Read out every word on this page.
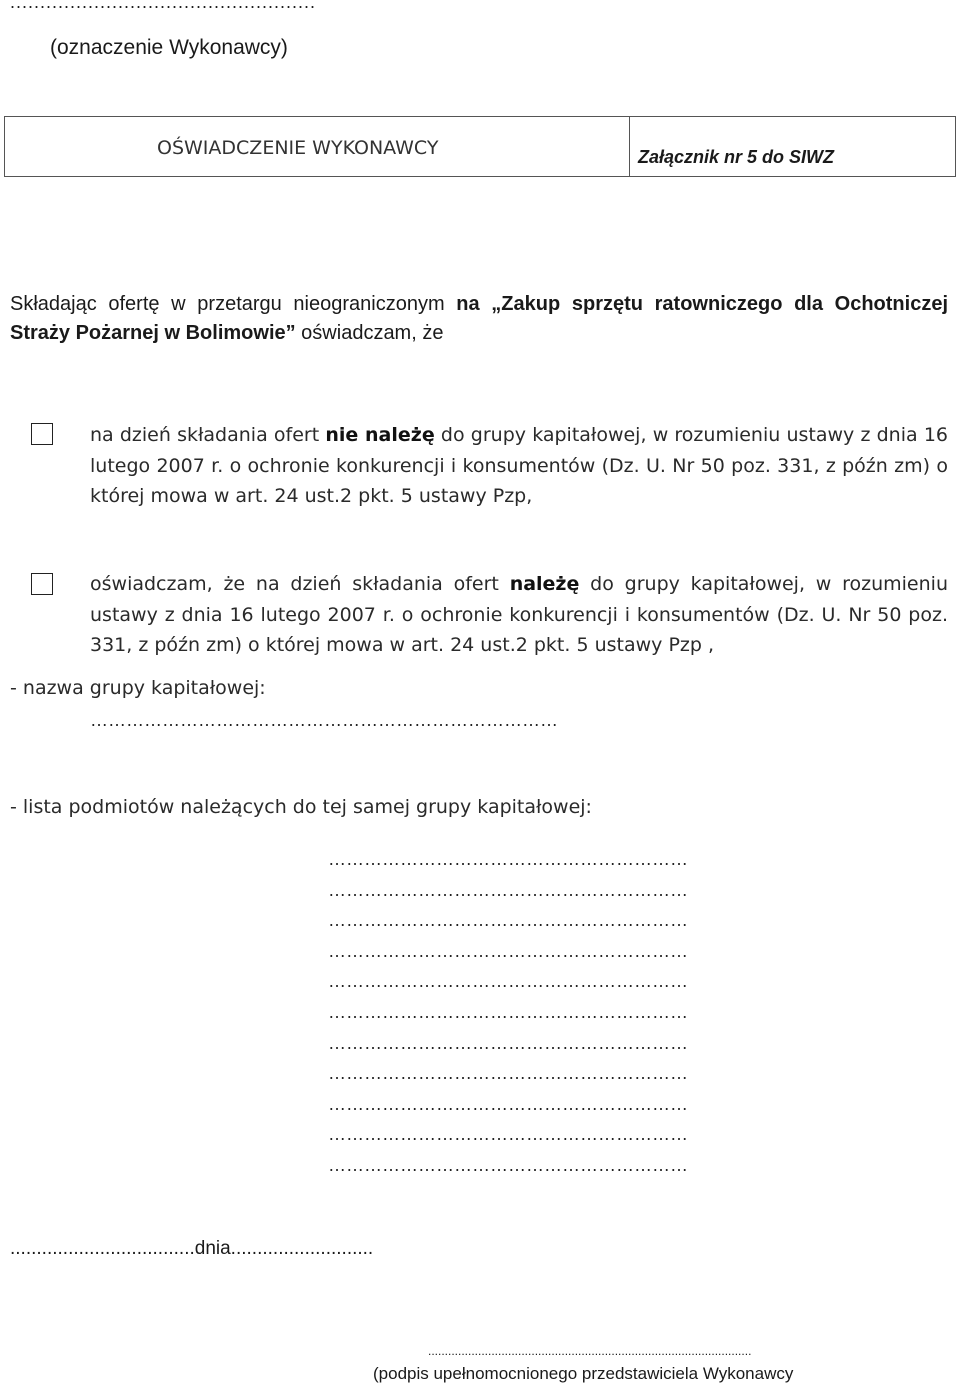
...................................................
(oznaczenie Wykonawcy)
OŚWIADCZENIE WYKONAWCY	Załącznik nr 5 do SIWZ
Składając ofertę w przetargu nieograniczonym na „Zakup sprzętu ratowniczego dla Ochotniczej Straży Pożarnej w Bolimowie” oświadczam, że
na dzień składania ofert nie należę do grupy kapitałowej, w rozumieniu ustawy z dnia 16 lutego 2007 r. o ochronie konkurencji i konsumentów (Dz. U. Nr 50 poz. 331, z późn zm) o której mowa w art. 24 ust.2 pkt. 5 ustawy Pzp,
oświadczam, że na dzień składania ofert należę do grupy kapitałowej, w rozumieniu ustawy z dnia 16 lutego 2007 r. o ochronie konkurencji i konsumentów (Dz. U. Nr 50 poz. 331, z późn zm) o której mowa w art. 24 ust.2 pkt. 5 ustawy Pzp ,
- nazwa grupy kapitałowej:
……………………………………………………………………
- lista podmiotów należących do tej samej grupy kapitałowej:
……………………………………………………
……………………………………………………
……………………………………………………
……………………………………………………
……………………………………………………
……………………………………………………
……………………………………………………
……………………………………………………
……………………………………………………
……………………………………………………
……………………………………………………
...................................dnia...........................
.................................................................................................
(podpis upełnomocnionego przedstawiciela Wykonawcy
